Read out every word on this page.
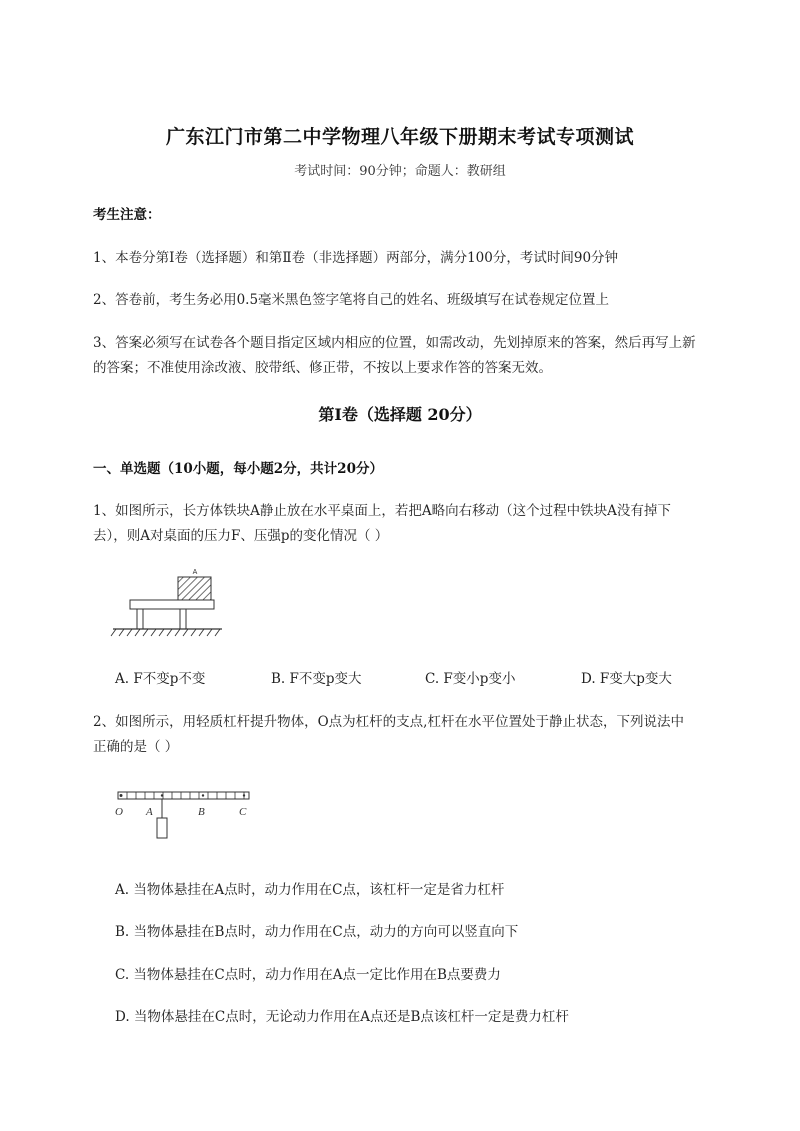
广东江门市第二中学物理八年级下册期末考试专项测试
考试时间：90分钟；命题人：教研组
考生注意：
1、本卷分第I卷（选择题）和第Ⅱ卷（非选择题）两部分，满分100分，考试时间90分钟
2、答卷前，考生务必用0.5毫米黑色签字笔将自己的姓名、班级填写在试卷规定位置上
3、答案必须写在试卷各个题目指定区域内相应的位置，如需改动，先划掉原来的答案，然后再写上新
的答案；不准使用涂改液、胶带纸、修正带，不按以上要求作答的答案无效。
第I卷（选择题 20分）
一、单选题（10小题，每小题2分，共计20分）
1、如图所示，长方体铁块A静止放在水平桌面上，若把A略向右移动（这个过程中铁块A没有掉下
去），则A对桌面的压力F、压强p的变化情况（ ）
A
A. F不变p不变	B. F不变p变大	C. F变小p变小	D. F变大p变大
2、如图所示，用轻质杠杆提升物体，O点为杠杆的支点,杠杆在水平位置处于静止状态，下列说法中
正确的是（ ）
O A	B	C
A. 当物体悬挂在A点时，动力作用在C点，该杠杆一定是省力杠杆
B. 当物体悬挂在B点时，动力作用在C点，动力的方向可以竖直向下
C. 当物体悬挂在C点时，动力作用在A点一定比作用在B点要费力
D. 当物体悬挂在C点时，无论动力作用在A点还是B点该杠杆一定是费力杠杆
